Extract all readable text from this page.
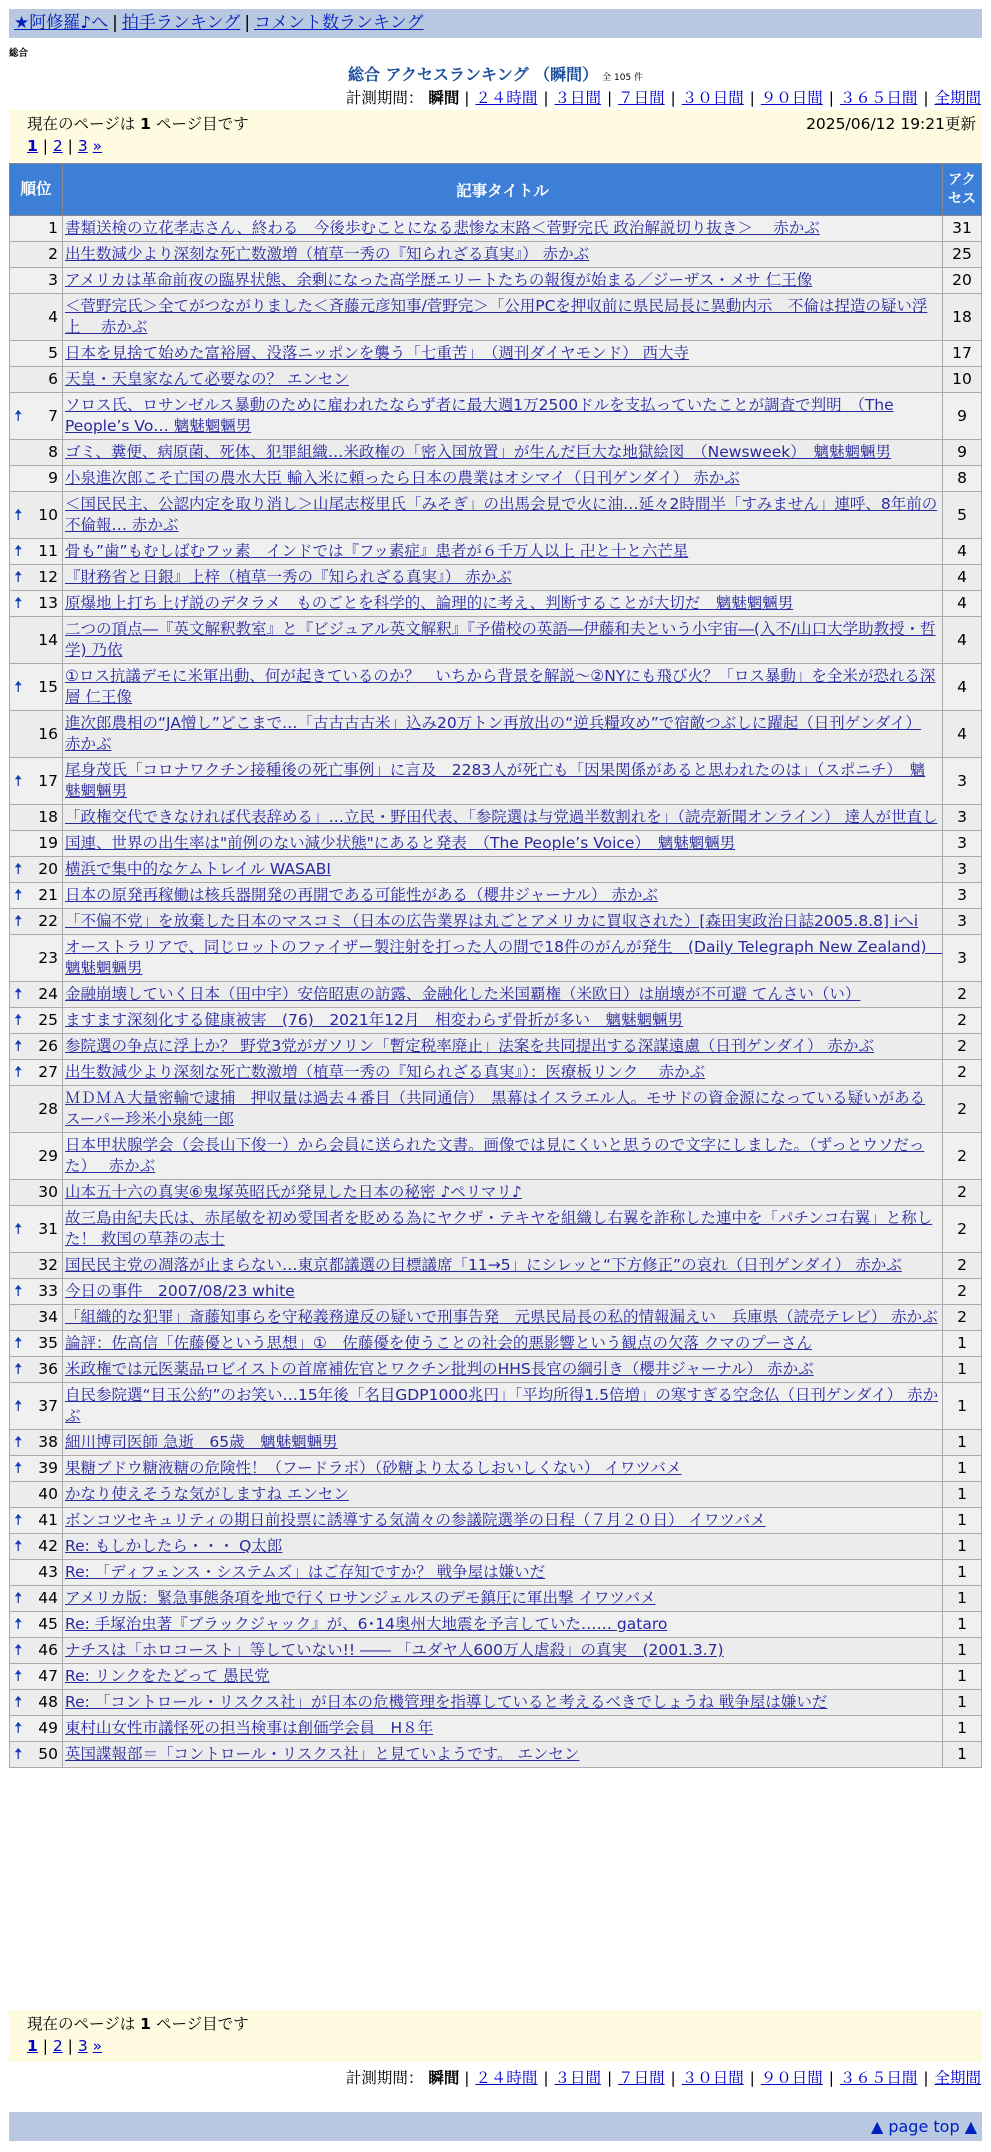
★阿修羅♪へ | 拍手ランキング | コメント数ランキング
総合
総合 アクセスランキング （瞬間） 全 105 件
計測期間： 瞬間 | ２４時間 | ３日間 | ７日間 | ３０日間 | ９０日間 | ３６５日間 | 全期間
現在のページは 1 ページ目です	2025/06/12 19:21更新
1 | 2 | 3 »
順位	記事タイトル	アクセス
1	書類送検の立花孝志さん、終わる　今後歩むことになる悲惨な末路＜菅野完氏 政治解説切り抜き＞　 赤かぶ	31
2	出生数減少より深刻な死亡数激増（植草一秀の『知られざる真実』） 赤かぶ	25
3	アメリカは革命前夜の臨界状態、余剰になった高学歴エリートたちの報復が始まる／ジーザス・メサ 仁王像	20
4	＜菅野完氏＞全てがつながりました＜斉藤元彦知事/菅野完＞「公用PCを押収前に県民局長に異動内示　不倫は捏造の疑い浮上　 赤かぶ	18
5	日本を見捨て始めた富裕層、没落ニッポンを襲う「七重苦」　（週刊ダイヤモンド） 西大寺	17
6	天皇・天皇家なんて必要なの？ エンセン	10

🠅 7	ソロス氏、ロサンゼルス暴動のために雇われたならず者に最大週1万2500ドルを支払っていたことが調査で判明　（The People’s Vo… 魑魅魍魎男	9
8	ゴミ、糞便、病原菌、死体、犯罪組織…米政権の「密入国放置」が生んだ巨大な地獄絵図　（Newsweek）　魑魅魍魎男	9
9	小泉進次郎こそ亡国の農水大臣 輸入米に頼ったら日本の農業はオシマイ（日刊ゲンダイ） 赤かぶ	8

🠅 10	＜国民民主、公認内定を取り消し＞山尾志桜里氏「みそぎ」の出馬会見で火に油…延々2時間半「すみません」連呼、8年前の不倫報… 赤かぶ	5

🠅 11	骨も”歯”もむしばむフッ素　インドでは『フッ素症』患者が６千万人以上 卍と十と六芒星	4

🠅 12	『財務省と日銀』上梓（植草一秀の『知られざる真実』） 赤かぶ	4

🠅 13	原爆地上打ち上げ説のデタラメ　ものごとを科学的、論理的に考え、判断することが大切だ　魑魅魍魎男	4
14	二つの頂点―『英文解釈教室』と『ビジュアル英文解釈』『予備校の英語―伊藤和夫という小宇宙―(入不/山口大学助教授・哲学) 乃依	4

🠅 15	①ロス抗議デモに米軍出動、何が起きているのか？　いちから背景を解説～②NYにも飛び火？「ロス暴動」を全米が恐れる深層 仁王像	4
16	進次郎農相の“JA憎し”どこまで…「古古古古米」込み20万トン再放出の“逆兵糧攻め”で宿敵つぶしに躍起（日刊ゲンダイ） 赤かぶ	4

🠅 17	尾身茂氏「コロナワクチン接種後の死亡事例」に言及　2283人が死亡も「因果関係があると思われたのは」（スポニチ）　魑魅魍魎男	3
18	「政権交代できなければ代表辞める」…立民・野田代表、「参院選は与党過半数割れを」（読売新聞オンライン） 達人が世直し	3
19	国連、世界の出生率は"前例のない減少状態"にあると発表　（The People’s Voice）　魑魅魍魎男	3

🠅 20	横浜で集中的なケムトレイル WASABI	3

🠅 21	日本の原発再稼働は核兵器開発の再開である可能性がある（櫻井ジャーナル） 赤かぶ	3

🠅 22	「不偏不党」を放棄した日本のマスコミ（日本の広告業界は丸ごとアメリカに買収された）[森田実政治日誌2005.8.8] iへi	3
23	オーストラリアで、同じロットのファイザー製注射を打った人の間で18件のがんが発生　(Daily Telegraph New Zealand)　魑魅魍魎男	3

🠅 24	金融崩壊していく日本（田中宇）安倍昭恵の訪露、金融化した米国覇権（米欧日）は崩壊が不可避 てんさい（い）	2

🠅 25	ますます深刻化する健康被害　(76)　2021年12月　相変わらず骨折が多い　魑魅魍魎男	2

🠅 26	参院選の争点に浮上か？ 野党3党がガソリン「暫定税率廃止」法案を共同提出する深謀遠慮（日刊ゲンダイ） 赤かぶ	2

🠅 27	出生数減少より深刻な死亡数激増（植草一秀の『知られざる真実』）：医療板リンク　 赤かぶ	2
28	ＭＤＭＡ大量密輸で逮捕　押収量は過去４番目（共同通信）　黒幕はイスラエル人。モサドの資金源になっている疑いがある スーパー珍米小泉純一郎	2
29	日本甲状腺学会（会長山下俊一）から会員に送られた文書。画像では見にくいと思うので文字にしました。（ずっとウソだった）　 赤かぶ	2
30	山本五十六の真実⑥鬼塚英昭氏が発見した日本の秘密 ♪ペリマリ♪	2

🠅 31	故三島由紀夫氏は、赤尾敏を初め愛国者を貶める為にヤクザ・テキヤを組織し右翼を詐称した連中を「パチンコ右翼」と称した！ 救国の草莽の志士	2
32	国民民主党の凋落が止まらない…東京都議選の目標議席「11→5」にシレッと“下方修正”の哀れ（日刊ゲンダイ） 赤かぶ	2

🠅 33	今日の事件　2007/08/23 white	2
34	「組織的な犯罪」斎藤知事らを守秘義務違反の疑いで刑事告発　元県民局長の私的情報漏えい　兵庫県（読売テレビ） 赤かぶ	2

🠅 35	論評：佐高信「佐藤優という思想」①　佐藤優を使うことの社会的悪影響という観点の欠落 クマのプーさん	1

🠅 36	米政権では元医薬品ロビイストの首席補佐官とワクチン批判のHHS長官の綱引き（櫻井ジャーナル） 赤かぶ	1

🠅 37	自民参院選“目玉公約”のお笑い…15年後「名目GDP1000兆円」「平均所得1.5倍増」の寒すぎる空念仏（日刊ゲンダイ） 赤かぶ	1

🠅 38	細川博司医師 急逝　65歳　魑魅魍魎男	1

🠅 39	果糖ブドウ糖液糖の危険性！（フードラボ）（砂糖より太るしおいしくない） イワツバメ	1
40	かなり使えそうな気がしますね エンセン	1

🠅 41	ボンコツセキュリティの期日前投票に誘導する気満々の参議院選挙の日程（７月２０日） イワツバメ	1

🠅 42	Re: もしかしたら・・・ Q太郎	1
43	Re: 「ディフェンス・システムズ」はご存知ですか？ 戦争屋は嫌いだ	1

🠅 44	アメリカ版：緊急事態条項を地で行くロサンジェルスのデモ鎮圧に軍出撃 イワツバメ	1

🠅 45	Re: 手塚治虫著『ブラックジャック』が、6･14奥州大地震を予言していた…… gataro	1

🠅 46	ナチスは「ホロコースト」等していない!! ―― 「ユダヤ人600万人虐殺」の真実　(2001.3.7)	1

🠅 47	Re: リンクをたどって 愚民党	1

🠅 48	Re: 「コントロール・リスクス社」が日本の危機管理を指導していると考えるべきでしょうね 戦争屋は嫌いだ	1

🠅 49	東村山女性市議怪死の担当検事は創価学会員　H８年	1

🠅 50	英国諜報部＝「コントロール・リスクス社」と見ていようです。 エンセン	1
現在のページは 1 ページ目です
1 | 2 | 3 »
計測期間： 瞬間 | ２４時間 | ３日間 | ７日間 | ３０日間 | ９０日間 | ３６５日間 | 全期間
▲ page top ▲
